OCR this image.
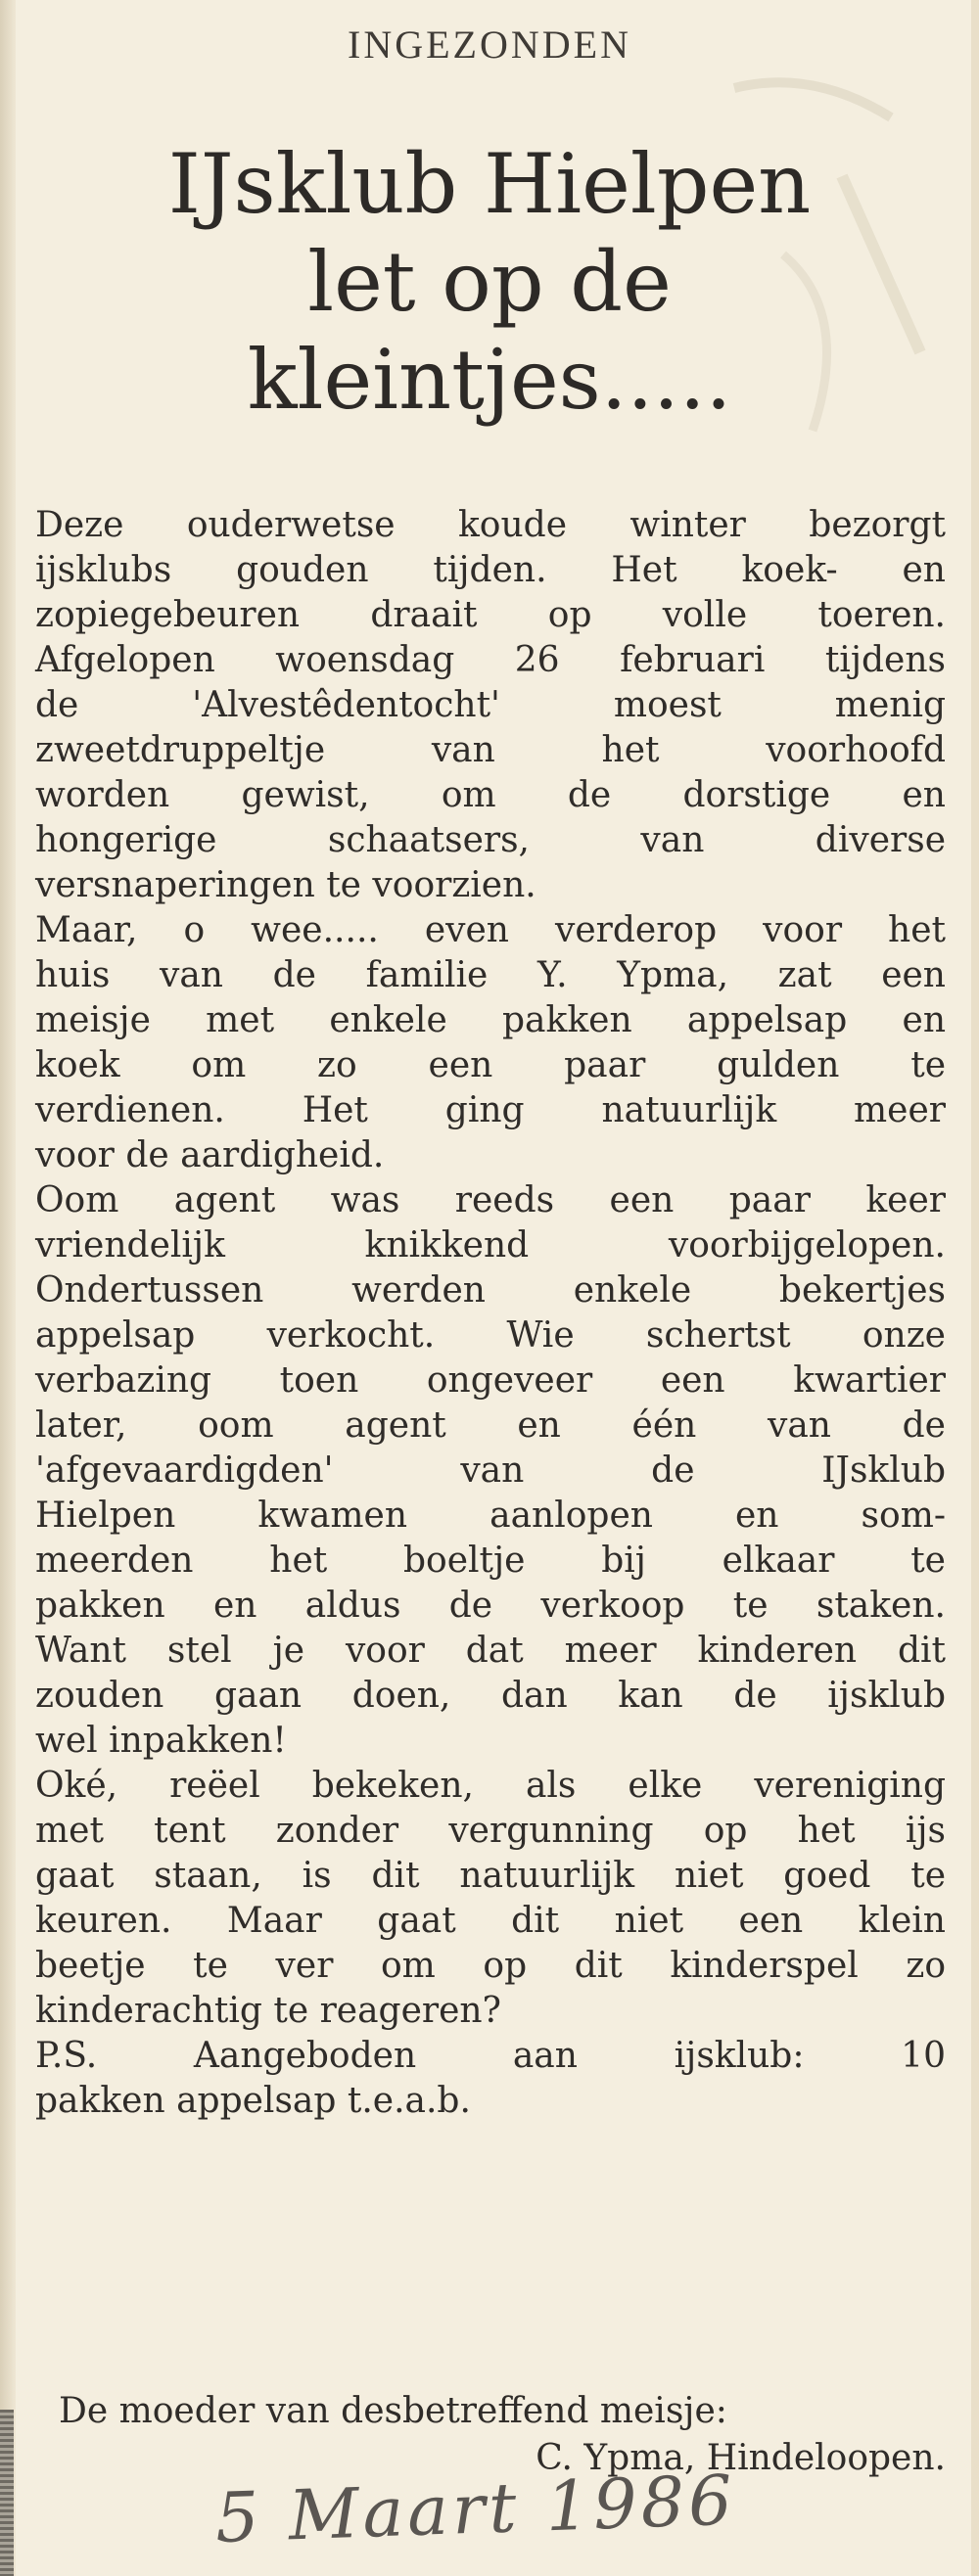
INGEZONDEN
IJsklub Hielpen
let op de
kleintjes.....
Deze ouderwetse koude winter bezorgt
ijsklubs gouden tijden. Het koek- en
zopiegebeuren draait op volle toeren.
Afgelopen woensdag 26 februari tijdens
de 'Alvestêdentocht' moest menig
zweetdruppeltje van het voorhoofd
worden gewist, om de dorstige en
hongerige schaatsers, van diverse
versnaperingen te voorzien.
Maar, o wee..... even verderop voor het
huis van de familie Y. Ypma, zat een
meisje met enkele pakken appelsap en
koek om zo een paar gulden te
verdienen. Het ging natuurlijk meer
voor de aardigheid.
Oom agent was reeds een paar keer
vriendelijk knikkend voorbijgelopen.
Ondertussen werden enkele bekertjes
appelsap verkocht. Wie schertst onze
verbazing toen ongeveer een kwartier
later, oom agent en één van de
'afgevaardigden' van de IJsklub
Hielpen kwamen aanlopen en som-
meerden het boeltje bij elkaar te
pakken en aldus de verkoop te staken.
Want stel je voor dat meer kinderen dit
zouden gaan doen, dan kan de ijsklub
wel inpakken!
Oké, reëel bekeken, als elke vereniging
met tent zonder vergunning op het ijs
gaat staan, is dit natuurlijk niet goed te
keuren. Maar gaat dit niet een klein
beetje te ver om op dit kinderspel zo
kinderachtig te reageren?
P.S. Aangeboden aan ijsklub: 10
pakken appelsap t.e.a.b.
De moeder van desbetreffend meisje:
C. Ypma, Hindeloopen.
5 Maart 1986
